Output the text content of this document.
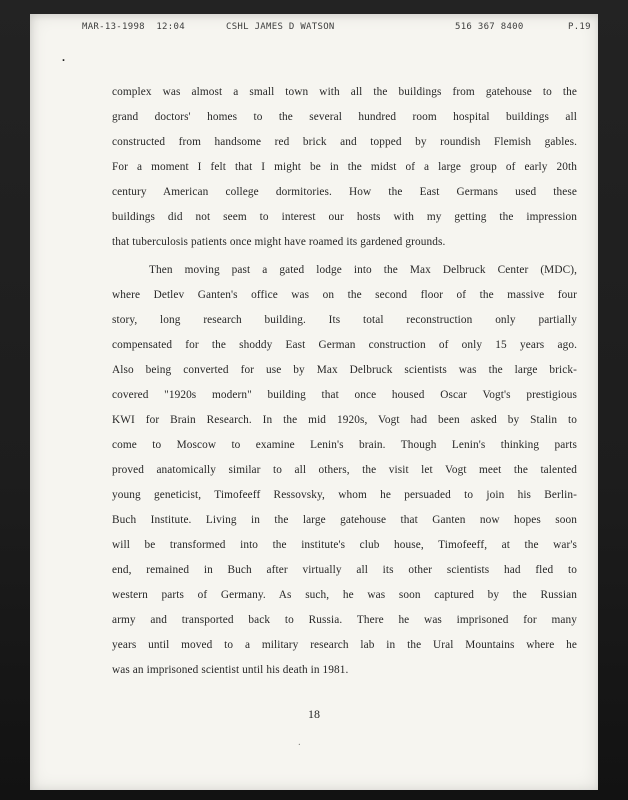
MAR-13-1998  12:04

	CSHL JAMES D WATSON

	516 367 8400

	P.19

.
complex was almost a small town with all the buildings from gatehouse to the
grand doctors' homes to the several hundred room hospital buildings all
constructed from handsome red brick and topped by roundish Flemish gables.
For a moment I felt that I might be in the midst of a large group of early 20th
century American college dormitories. How the East Germans used these
buildings did not seem to interest our hosts with my getting the impression
that tuberculosis patients once might have roamed its gardened grounds.
Then moving past a gated lodge into the Max Delbruck Center (MDC),
where Detlev Ganten's office was on the second floor of the massive four
story, long research building. Its total reconstruction only partially
compensated for the shoddy East German construction of only 15 years ago.
Also being converted for use by Max Delbruck scientists was the large brick-
covered "1920s modern" building that once housed Oscar Vogt's prestigious
KWI for Brain Research. In the mid 1920s, Vogt had been asked by Stalin to
come to Moscow to examine Lenin's brain. Though Lenin's thinking parts
proved anatomically similar to all others, the visit let Vogt meet the talented
young geneticist, Timofeeff Ressovsky, whom he persuaded to join his Berlin-
Buch Institute. Living in the large gatehouse that Ganten now hopes soon
will be transformed into the institute's club house, Timofeeff, at the war's
end, remained in Buch after virtually all its other scientists had fled to
western parts of Germany. As such, he was soon captured by the Russian
army and transported back to Russia. There he was imprisoned for many
years until moved to a military research lab in the Ural Mountains where he
was an imprisoned scientist until his death in 1981.
18
.
